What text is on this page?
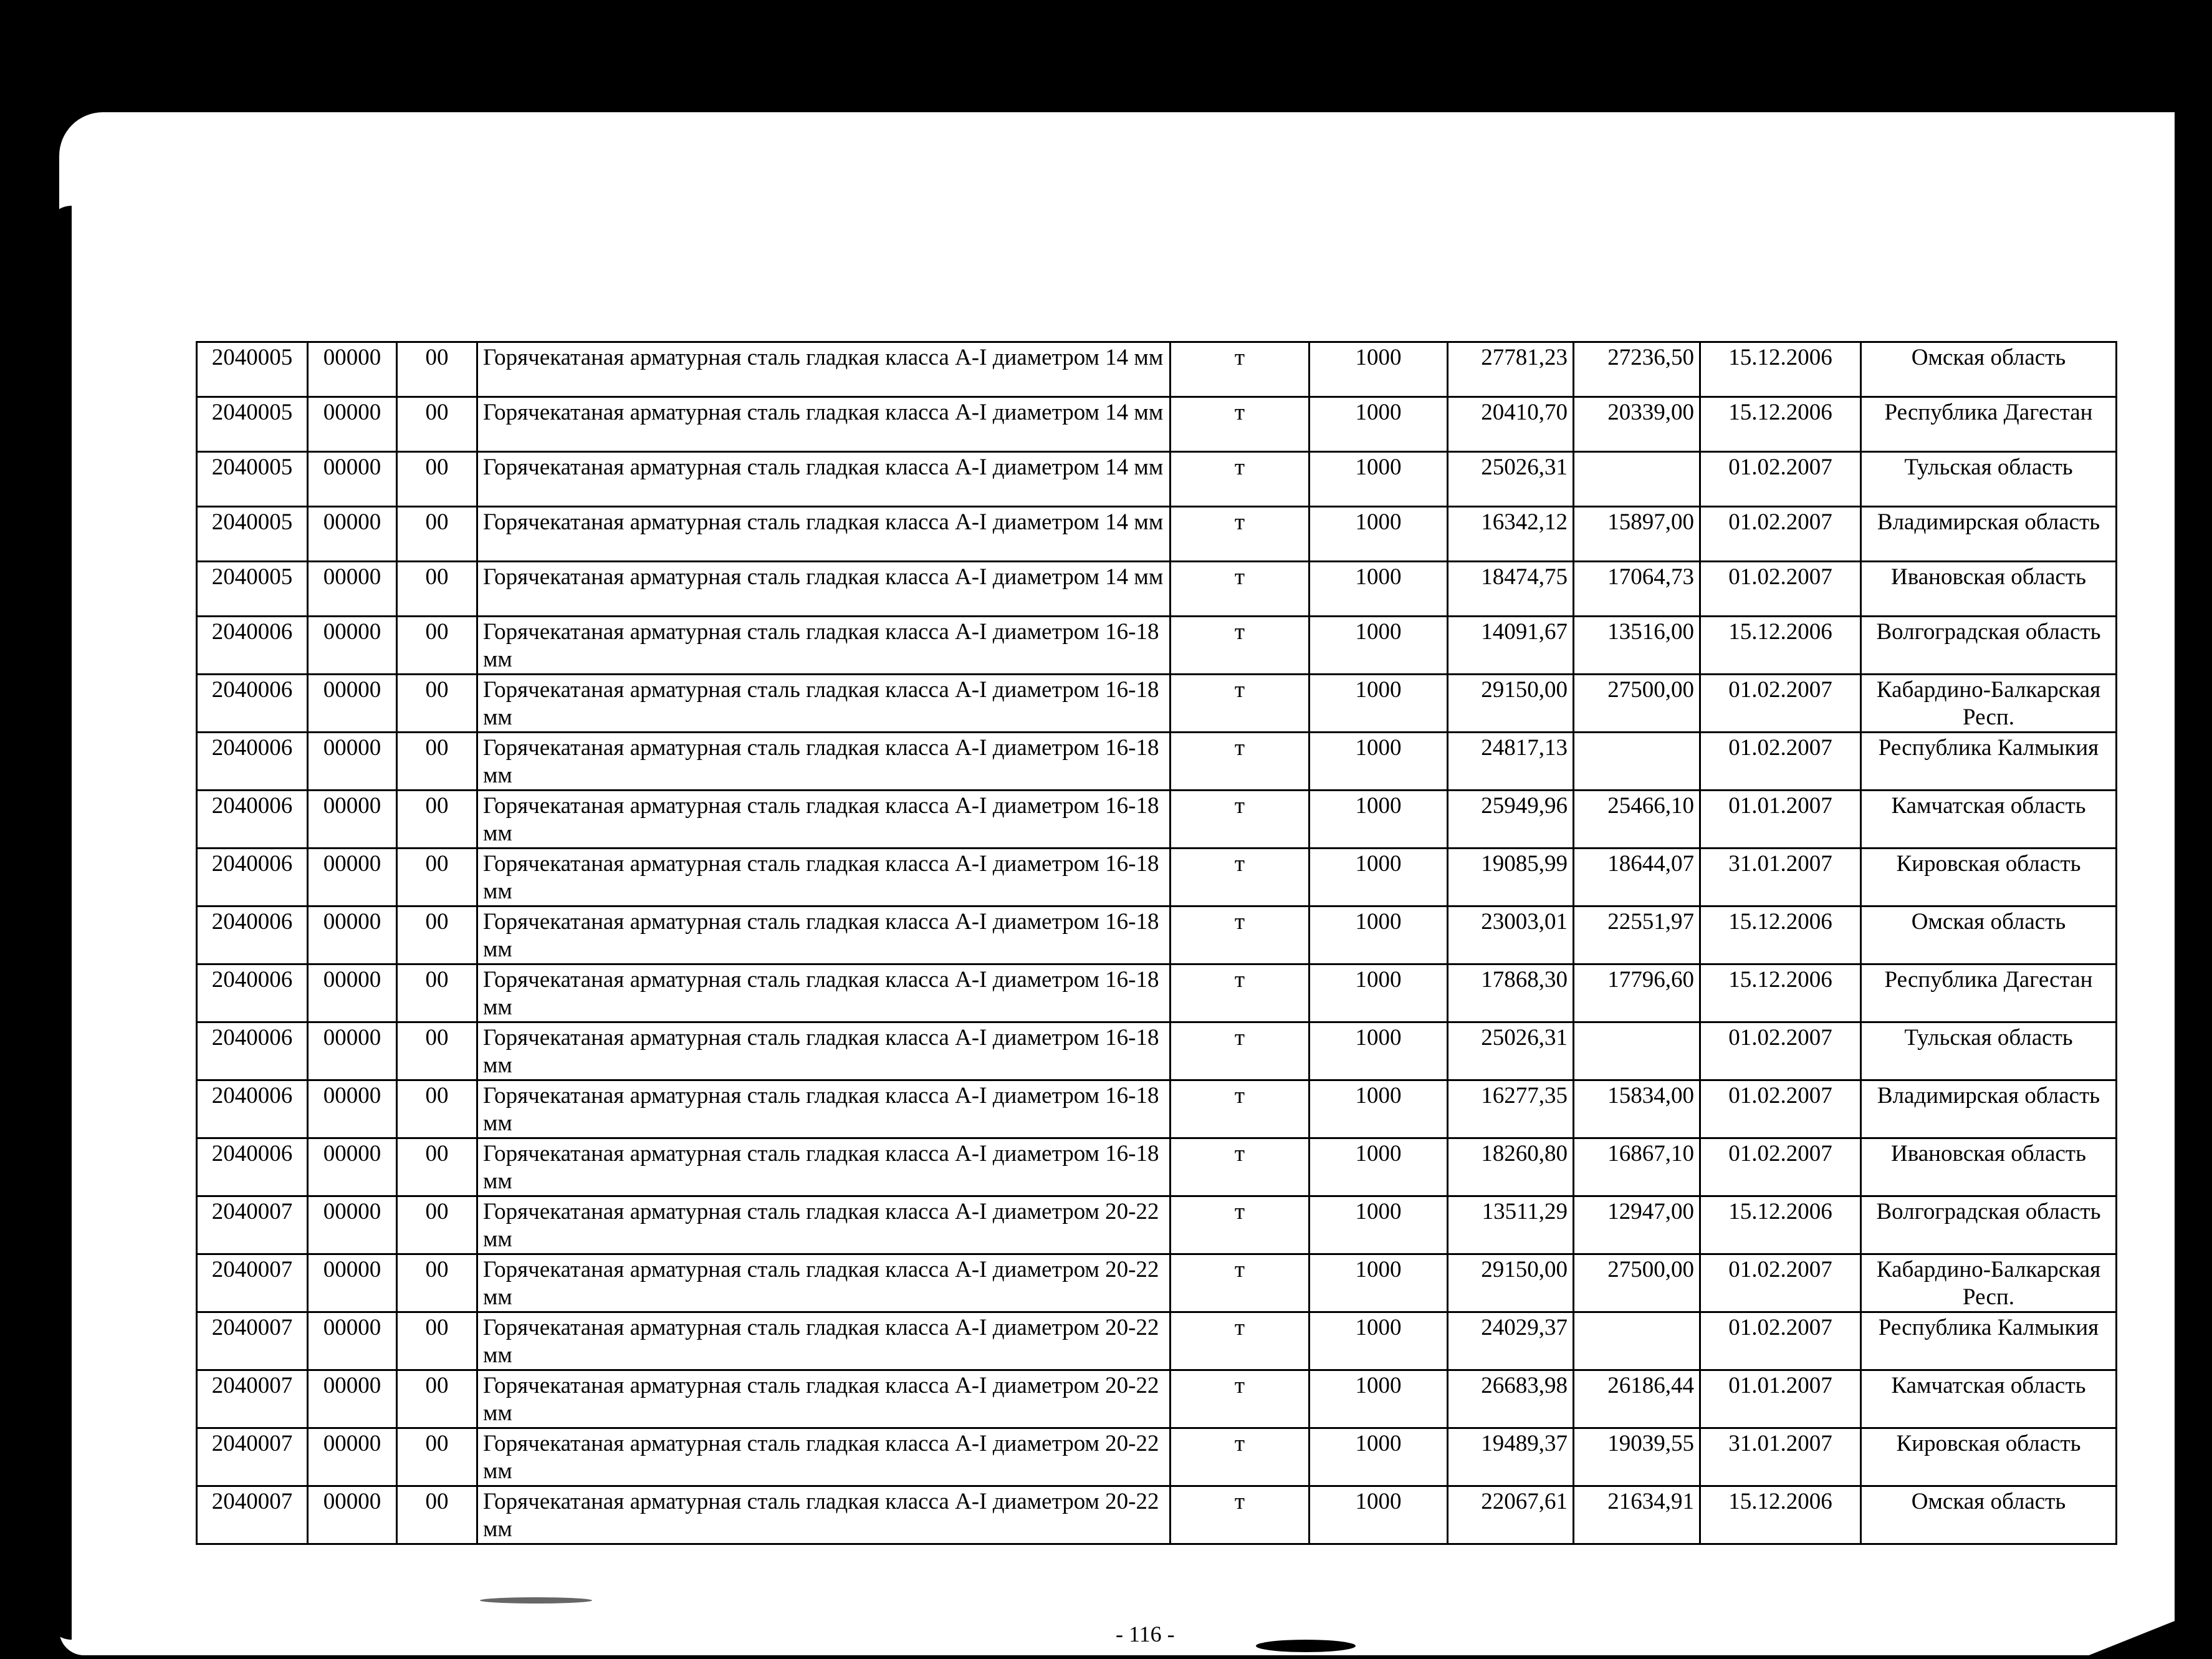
2040005	00000	00	Горячекатаная арматурная сталь гладкая класса А-I диаметром 14 мм	т	1000	27781,23	27236,50	15.12.2006	Омская область
2040005	00000	00	Горячекатаная арматурная сталь гладкая класса А-I диаметром 14 мм	т	1000	20410,70	20339,00	15.12.2006	Республика Дагестан
2040005	00000	00	Горячекатаная арматурная сталь гладкая класса А-I диаметром 14 мм	т	1000	25026,31		01.02.2007	Тульская область
2040005	00000	00	Горячекатаная арматурная сталь гладкая класса А-I диаметром 14 мм	т	1000	16342,12	15897,00	01.02.2007	Владимирская область
2040005	00000	00	Горячекатаная арматурная сталь гладкая класса А-I диаметром 14 мм	т	1000	18474,75	17064,73	01.02.2007	Ивановская область
2040006	00000	00	Горячекатаная арматурная сталь гладкая класса А-I диаметром 16-18 мм	т	1000	14091,67	13516,00	15.12.2006	Волгоградская область
2040006	00000	00	Горячекатаная арматурная сталь гладкая класса А-I диаметром 16-18 мм	т	1000	29150,00	27500,00	01.02.2007	Кабардино-Балкарская Респ.
2040006	00000	00	Горячекатаная арматурная сталь гладкая класса А-I диаметром 16-18 мм	т	1000	24817,13		01.02.2007	Республика Калмыкия
2040006	00000	00	Горячекатаная арматурная сталь гладкая класса А-I диаметром 16-18 мм	т	1000	25949,96	25466,10	01.01.2007	Камчатская область
2040006	00000	00	Горячекатаная арматурная сталь гладкая класса А-I диаметром 16-18 мм	т	1000	19085,99	18644,07	31.01.2007	Кировская область
2040006	00000	00	Горячекатаная арматурная сталь гладкая класса А-I диаметром 16-18 мм	т	1000	23003,01	22551,97	15.12.2006	Омская область
2040006	00000	00	Горячекатаная арматурная сталь гладкая класса А-I диаметром 16-18 мм	т	1000	17868,30	17796,60	15.12.2006	Республика Дагестан
2040006	00000	00	Горячекатаная арматурная сталь гладкая класса А-I диаметром 16-18 мм	т	1000	25026,31		01.02.2007	Тульская область
2040006	00000	00	Горячекатаная арматурная сталь гладкая класса А-I диаметром 16-18 мм	т	1000	16277,35	15834,00	01.02.2007	Владимирская область
2040006	00000	00	Горячекатаная арматурная сталь гладкая класса А-I диаметром 16-18 мм	т	1000	18260,80	16867,10	01.02.2007	Ивановская область
2040007	00000	00	Горячекатаная арматурная сталь гладкая класса А-I диаметром 20-22 мм	т	1000	13511,29	12947,00	15.12.2006	Волгоградская область
2040007	00000	00	Горячекатаная арматурная сталь гладкая класса А-I диаметром 20-22 мм	т	1000	29150,00	27500,00	01.02.2007	Кабардино-Балкарская Респ.
2040007	00000	00	Горячекатаная арматурная сталь гладкая класса А-I диаметром 20-22 мм	т	1000	24029,37		01.02.2007	Республика Калмыкия
2040007	00000	00	Горячекатаная арматурная сталь гладкая класса А-I диаметром 20-22 мм	т	1000	26683,98	26186,44	01.01.2007	Камчатская область
2040007	00000	00	Горячекатаная арматурная сталь гладкая класса А-I диаметром 20-22 мм	т	1000	19489,37	19039,55	31.01.2007	Кировская область
2040007	00000	00	Горячекатаная арматурная сталь гладкая класса А-I диаметром 20-22 мм	т	1000	22067,61	21634,91	15.12.2006	Омская область
- 116 -
